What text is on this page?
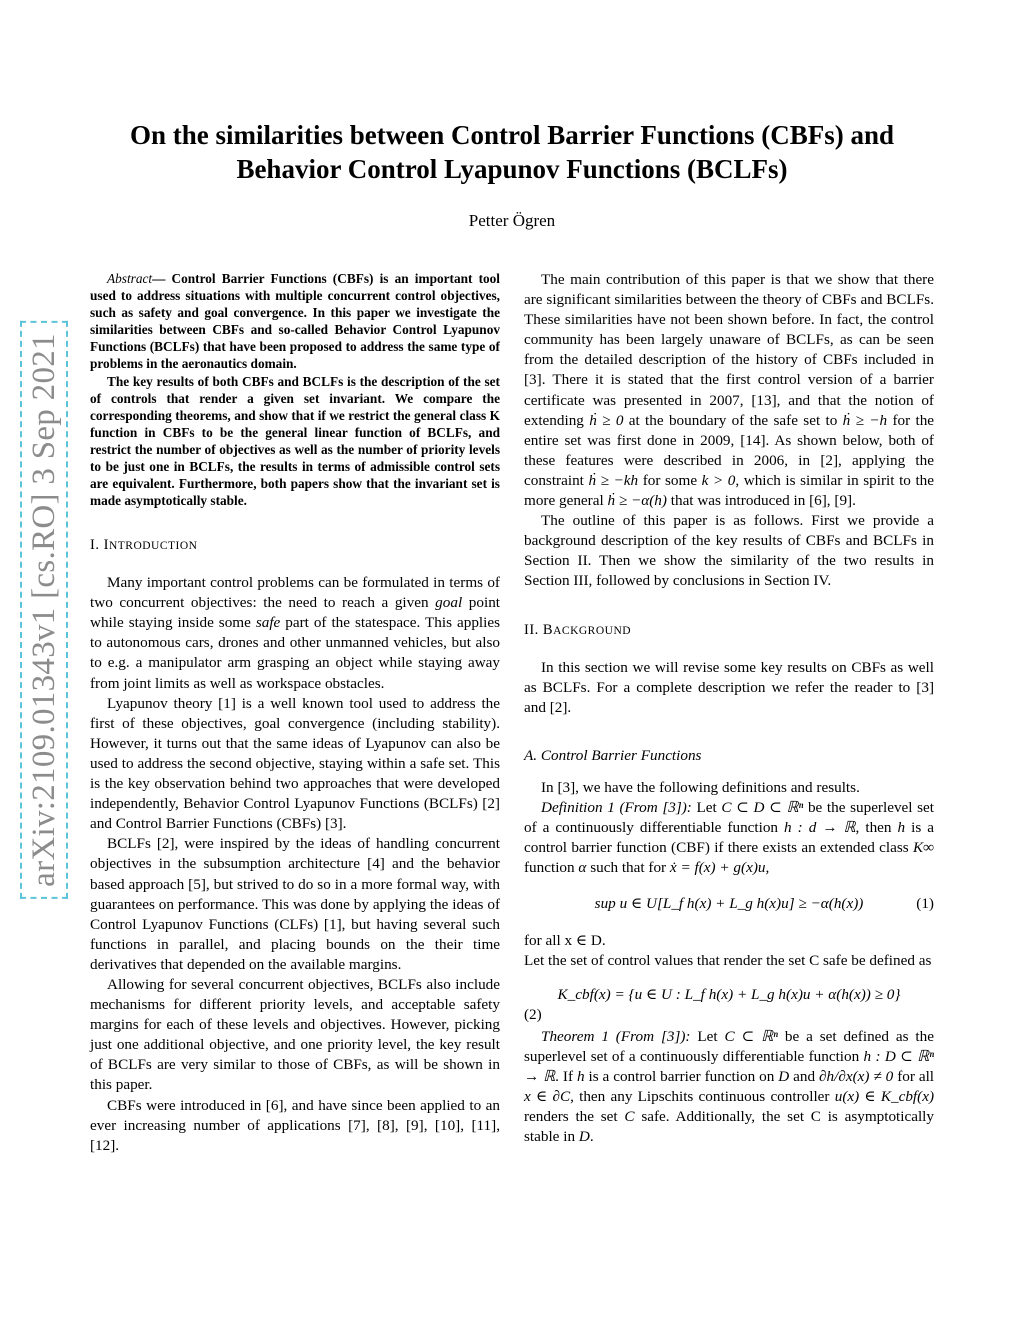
arXiv:2109.01343v1 [cs.RO] 3 Sep 2021
On the similarities between Control Barrier Functions (CBFs) and Behavior Control Lyapunov Functions (BCLFs)
Petter Ögren

Abstract— Control Barrier Functions (CBFs) is an important tool used to address situations with multiple concurrent control objectives, such as safety and goal convergence. In this paper we investigate the similarities between CBFs and so-called Behavior Control Lyapunov Functions (BCLFs) that have been proposed to address the same type of problems in the aeronautics domain.

The key results of both CBFs and BCLFs is the description of the set of controls that render a given set invariant. We compare the corresponding theorems, and show that if we restrict the general class K function in CBFs to be the general linear function of BCLFs, and restrict the number of objectives as well as the number of priority levels to be just one in BCLFs, the results in terms of admissible control sets are equivalent. Furthermore, both papers show that the invariant set is made asymptotically stable.

I. INTRODUCTION

Many important control problems can be formulated in terms of two concurrent objectives: the need to reach a given goal point while staying inside some safe part of the statespace. This applies to autonomous cars, drones and other unmanned vehicles, but also to e.g. a manipulator arm grasping an object while staying away from joint limits as well as workspace obstacles.

Lyapunov theory [1] is a well known tool used to address the first of these objectives, goal convergence (including stability). However, it turns out that the same ideas of Lyapunov can also be used to address the second objective, staying within a safe set. This is the key observation behind two approaches that were developed independently, Behavior Control Lyapunov Functions (BCLFs) [2] and Control Barrier Functions (CBFs) [3].

BCLFs [2], were inspired by the ideas of handling concurrent objectives in the subsumption architecture [4] and the behavior based approach [5], but strived to do so in a more formal way, with guarantees on performance. This was done by applying the ideas of Control Lyapunov Functions (CLFs) [1], but having several such functions in parallel, and placing bounds on the their time derivatives that depended on the available margins.

Allowing for several concurrent objectives, BCLFs also include mechanisms for different priority levels, and acceptable safety margins for each of these levels and objectives. However, picking just one additional objective, and one priority level, the key result of BCLFs are very similar to those of CBFs, as will be shown in this paper.

CBFs were introduced in [6], and have since been applied to an ever increasing number of applications [7], [8], [9], [10], [11], [12].

The main contribution of this paper is that we show that there are significant similarities between the theory of CBFs and BCLFs. These similarities have not been shown before. In fact, the control community has been largely unaware of BCLFs, as can be seen from the detailed description of the history of CBFs included in [3]. There it is stated that the first control version of a barrier certificate was presented in 2007, [13], and that the notion of extending ḣ ≥ 0 at the boundary of the safe set to ḣ ≥ −h for the entire set was first done in 2009, [14]. As shown below, both of these features were described in 2006, in [2], applying the constraint ḣ ≥ −kh for some k > 0, which is similar in spirit to the more general ḣ ≥ −α(h) that was introduced in [6], [9].

The outline of this paper is as follows. First we provide a background description of the key results of CBFs and BCLFs in Section II. Then we show the similarity of the two results in Section III, followed by conclusions in Section IV.

II. BACKGROUND

In this section we will revise some key results on CBFs as well as BCLFs. For a complete description we refer the reader to [3] and [2].

A. Control Barrier Functions

In [3], we have the following definitions and results.

Definition 1 (From [3]): Let C ⊂ D ⊂ ℝⁿ be the superlevel set of a continuously differentiable function h : d → ℝ, then h is a control barrier function (CBF) if there exists an extended class K∞ function α such that for ẋ = f(x) + g(x)u,

sup u ∈ U[L_f h(x) + L_g h(x)u] ≥ −α(h(x))	(1)

for all x ∈ D.

Let the set of control values that render the set C safe be defined as

K_cbf(x) = {u ∈ U : L_f h(x) + L_g h(x)u + α(h(x)) ≥ 0}

(2)

Theorem 1 (From [3]): Let C ⊂ ℝⁿ be a set defined as the superlevel set of a continuously differentiable function h : D ⊂ ℝⁿ → ℝ. If h is a control barrier function on D and ∂h/∂x(x) ≠ 0 for all x ∈ ∂C, then any Lipschits continuous controller u(x) ∈ K_cbf(x) renders the set C safe. Additionally, the set C is asymptotically stable in D.
